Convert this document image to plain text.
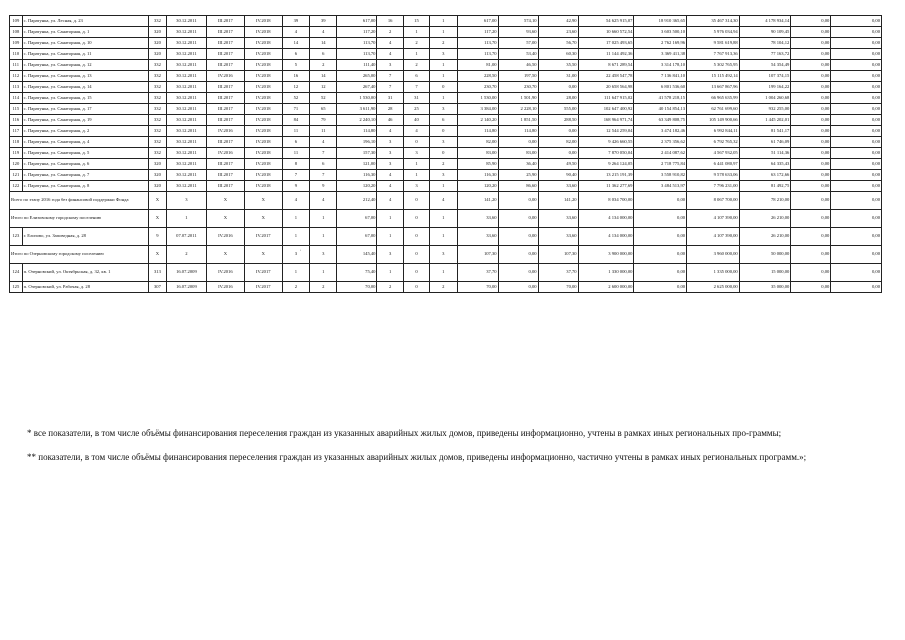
109	с. Паратунка, ул. Лесная, д. 23	332	30.12.2011	III.2017	IV.2018	39	39	617,00	16	15	1	617,00	574,10	42,90	54 625 915,07	18 910 365,65	35 467 314,30	4 178 934,14	0,00	0,00
108	с. Паратунка, ул. Санаторная, д. 1	320	30.12.2011	III.2017	IV.2018	4	4	117,20	2	1	1	117,20	93,60	23,60	10 660 572,54	3 603 500,10	5 976 034,94	90 109,45	0,00	0,00
109	с. Паратунка, ул. Санаторная, д. 10	320	30.12.2011	III.2017	IV.2018	14	14	113,70	4	2	2	113,70	57,00	56,70	17 025 493,65	2 762 169,96	9 581 619,88	78 104,12	0,00	0,00
110	с. Паратунка, ул. Санаторная, д. 11	320	30.12.2011	III.2017	IV.2018	6	6	113,70	4	1	3	113,70	53,40	60,30	11 144 492,36	3 369 411,38	7 767 913,36	77 163,72	0,00	0,00
111	с. Паратунка, ул. Санаторная, д. 12	332	30.12.2011	III.2017	IV.2018	5	2	111,40	3	2	1	81,00	46,50	35,50	8 671 289,54	3 314 178,10	5 302 765,95	54 354,49	0,00	0,00
112	с. Паратунка, ул. Санаторная, д. 13	332	30.12.2011	IV.2016	IV.2018	16	14	265,00	7	6	1	228,50	197,50	31,00	22 458 547,78	7 136 841,10	15 115 492,14	107 374,15	0,00	0,00
113	с. Паратунка, ул. Санаторная, д. 14	332	30.12.2011	III.2017	IV.2018	12	12	267,40	7	7	0	230,70	230,70	0,00	20 658 564,98	6 801 536,60	13 667 867,96	199 164,22	0,00	0,00
114	с. Паратунка, ул. Санаторная, д. 15	332	30.12.2011	III.2017	IV.2018	52	52	1 530,00	31	31	1	1 530,00	1 501,90	28,00	111 647 915,02	41 578 218,15	66 965 635,99	1 004 260,68	0,00	0,00
115	с. Паратунка, ул. Санаторная, д. 17	332	30.12.2011	III.2017	IV.2018	71	65	3 611,90	28	25	3	3 384,00	2 228,10	555,00	102 647 400,92	40 154 854,13	62 761 699,60	932 255,00	0,00	0,00
116	с. Паратунка, ул. Санаторная, д. 19	332	30.12.2011	III.2017	IV.2018	84	79	2 240,10	46	40	6	2 140,20	1 851,50	288,50	168 964 971,74	63 349 808,75	105 149 900,66	1 445 202,01	0,00	0,00
117	с. Паратунка, ул. Санаторная, д. 2	332	30.12.2011	IV.2016	IV.2018	11	11	114,80	4	4	0	114,80	114,80	0,00	12 544 259,04	3 474 182,46	6 992 844,11	81 541,17	0,00	0,00
118	с. Паратунка, ул. Санаторная, д. 4	332	30.12.2011	III.2017	IV.2018	6	4	196,10	3	0	3	82,00	0,00	82,00	9 426 660,55	2 375 356,62	6 792 765,32	61 746,09	0,00	0,00
119	с. Паратунка, ул. Санаторная, д. 5	332	30.12.2011	IV.2016	IV.2018	11	7	157,30	3	3	0	83,00	83,00	0,00	7 870 050,04	2 414 087,62	4 567 932,05	51 114,36	0,00	0,00
120	с. Паратунка, ул. Санаторная, д. 6	320	30.12.2011	III.2017	IV.2018	8	6	121,00	3	1	2	85,90	36,40	49,50	9 264 124,05	2 718 775,84	6 441 080,97	64 335,43	0,00	0,00
121	с. Паратунка, ул. Санаторная, д. 7	320	30.12.2011	III.2017	IV.2018	7	7	116,30	4	1	3	116,30	25,90	90,40	13 215 191,39	3 558 910,82	9 578 633,06	63 172,66	0,00	0,00
122	с. Паратунка, ул. Санаторная, д. 8	320	30.12.2011	III.2017	IV.2018	9	9	120,20	4	3	1	120,20	86,60	33,60	11 362 277,69	3 484 513,97	7 796 231,00	81 492,75	0,00	0,00
Всего по этапу 2016 года без финансовой поддержки Фонда		X	3	X	X	4	4	212,40	4	0	4	141,20	0,00	141,20	8 034 700,00	0,00	8 067 700,00	78 210,00	0,00	0,00
Итого по Елизовскому городскому поселению		X	1	X	X	1	1	67,00	1	0	1	33,60	0,00	33,60	4 134 000,00	0,00	4 107 390,00	26 210,00	0,00	0,00
123	г. Елизово, ул. Заповедная, д. 28	9	07.07.2011	IV.2016	IV.2017	1	1	67,00	1	0	1	33,60	0,00	33,60	4 134 000,00	0,00	4 107 390,00	26 210,00	0,00	0,00
Итого по Озерновскому городскому поселению		X	2	X	X	3	3	145,40	3	0	3	107,30	0,00	107,30	3 900 000,00	0,00	3 960 000,00	50 000,00	0,00	0,00
124	п. Озерновский, ул. Октябрьская, д. 32, кв. 1	313	16.07.2009	IV.2016	IV.2017	1	1	75,40	1	0	1	37,70	0,00	37,70	1 330 000,00	0,00	1 335 000,00	15 000,00	0,00	0,00
125	п. Озерновский, ул. Рабочая, д. 28	307	16.07.2009	IV.2016	IV.2017	2	2	70,00	2	0	2	70,00	0,00	70,00	2 600 000,00	0,00	2 625 000,00	35 000,00	0,00	0,00
ʹ

* все показатели, в том числе объёмы финансирования переселения граждан из указанных аварийных жилых домов, приведены информационно, учтены в рамках иных региональных про-граммы;

** показатели, в том числе объёмы финансирования переселения граждан из указанных аварийных жилых домов, приведены информационно, частично учтены в рамках иных региональных программ.»;
